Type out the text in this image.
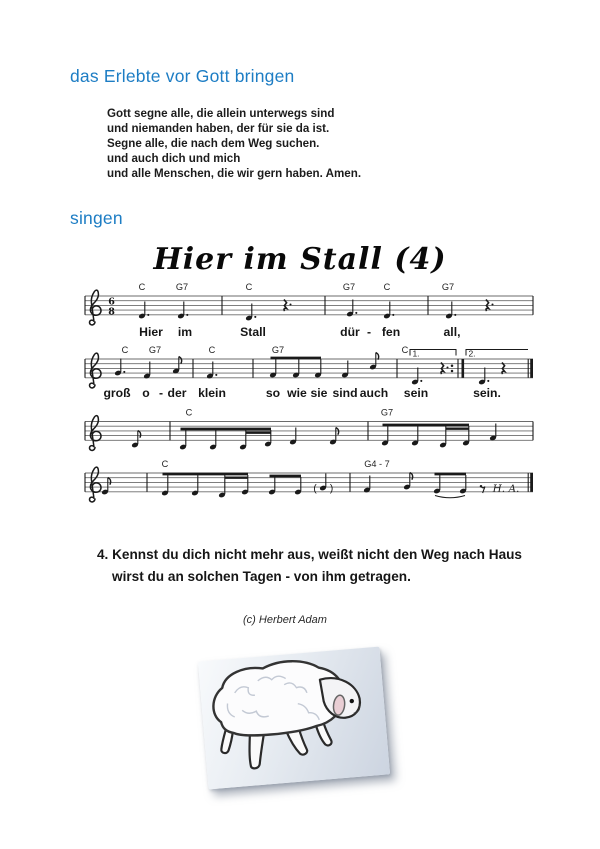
das Erlebte vor Gott bringen
Gott segne alle, die allein unterwegs sind
und niemanden haben, der für sie da ist.
Segne alle, die nach dem Weg suchen.
und auch dich und mich
und alle Menschen, die wir gern haben. Amen.
singen
Hier im Stall (4)
6
8
C	G7	C	G7	C	G7
Hier im	Stall	dür - fen	all,
C G7	C	G7	C 1.	2.
groß o - der klein	so wie sie sind auch sein	sein.
C	G7
C	G4 - 7
( )	H. A.
4. Kennst du dich nicht mehr aus, weißt nicht den Weg nach Haus
wirst du an solchen Tagen - von ihm getragen.
(c) Herbert Adam
